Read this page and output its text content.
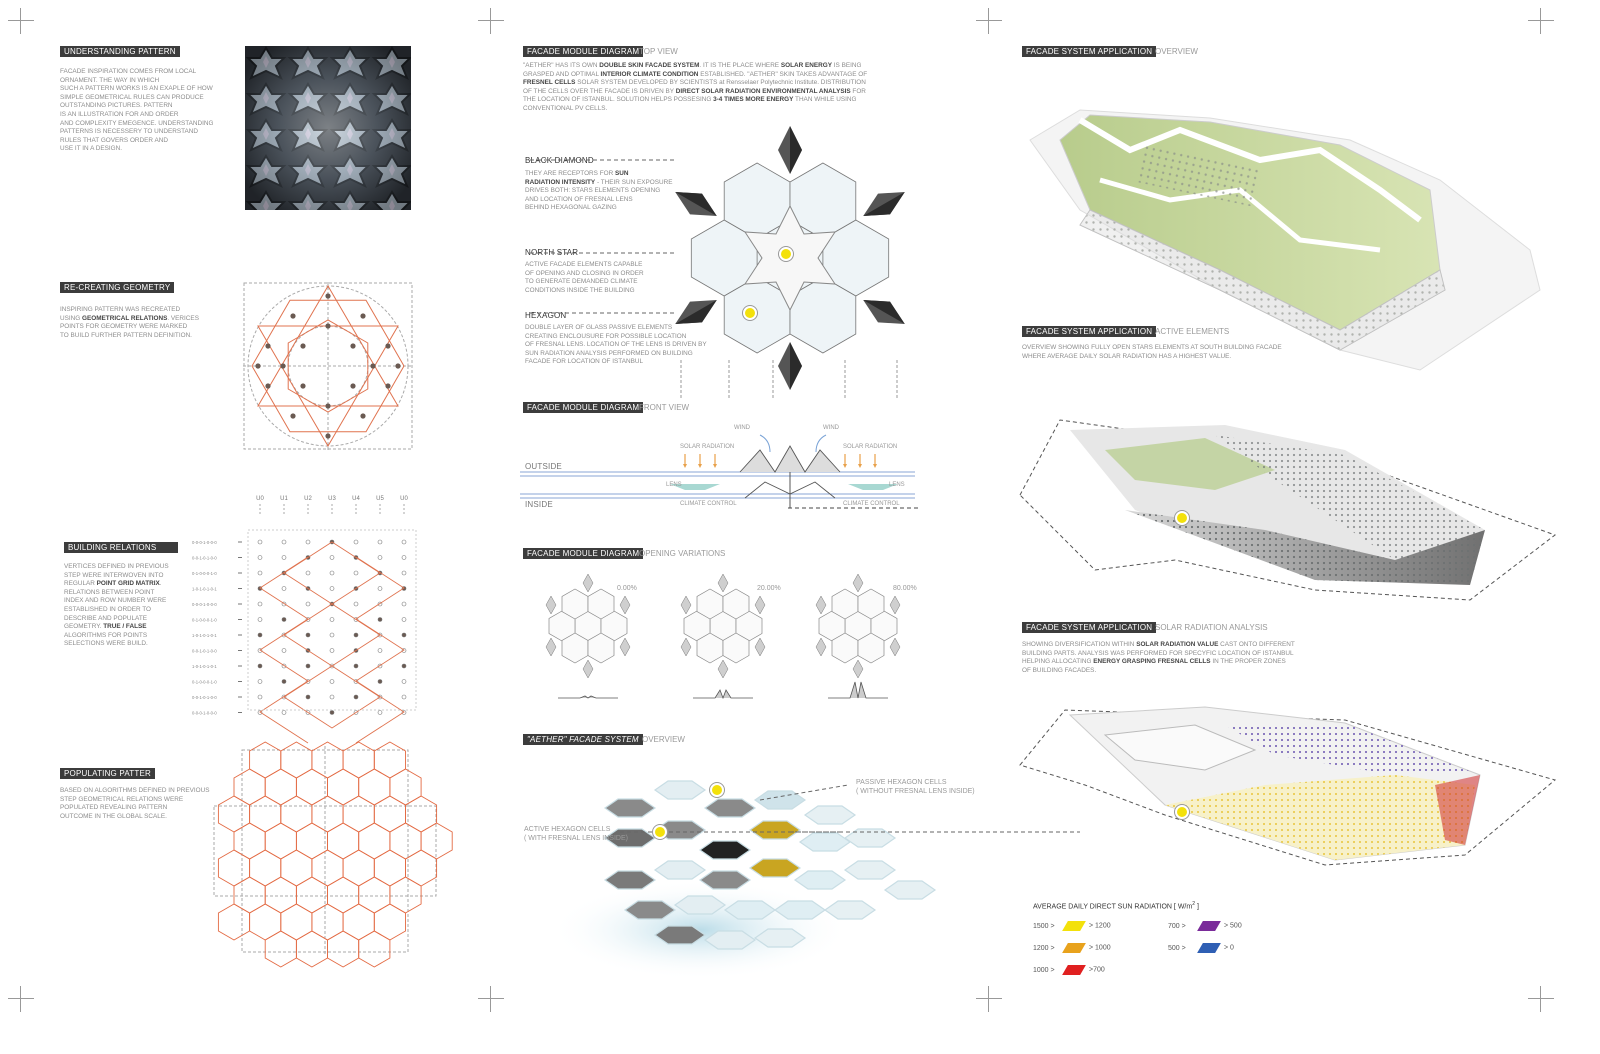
UNDERSTANDING PATTERN
FACADE INSPIRATION COMES FROM LOCAL
ORNAMENT. THE WAY IN WHICH
SUCH A PATTERN WORKS IS AN EXAPLE OF HOW
SIMPLE GEOMETRICAL RULES CAN PRODUCE
OUTSTANDING PICTURES. PATTERN
IS AN ILLUSTRATION FOR AND ORDER
AND COMPLEXITY EMEGENCE. UNDERSTANDING
PATTERNS IS NECESSERY TO UNDERSTAND
RULES THAT GOVERS ORDER AND
USE IT IN A DESIGN.
RE-CREATING GEOMETRY
INSPIRING PATTERN WAS RECREATED
USING GEOMETRICAL RELATIONS. VERICES
POINTS FOR GEOMETRY WERE MARKED
TO BUILD FURTHER PATTERN DEFINITION.
BUILDING RELATIONS
VERTICES DEFINED IN PREVIOUS
STEP WERE INTERWOVEN INTO
REGULAR POINT GRID MATRIX.
RELATIONS BETWEEN POINT
INDEX AND ROW NUMBER WERE
ESTABLISHED IN ORDER TO
DESCRIBE AND POPULATE
GEOMETRY. TRUE / FALSE
ALGORITHMS FOR POINTS
SELECTIONS WERE BUILD.
U0	U1	U2	U3	U4	U5	U0
0-0-0-1-0-0-0
0-0-1-0-1-0-0
0-1-0-0-0-1-0
1-0-1-0-1-0-1
0-0-0-1-0-0-0
0-1-0-0-0-1-0
1-0-1-0-1-0-1
0-0-1-0-1-0-0
1-0-1-0-1-0-1
0-1-0-0-0-1-0
0-0-1-0-1-0-0
0-0-0-1-0-0-0
POPULATING PATTER
BASED ON ALGORITHMS DEFINED IN PREVIOUS
STEP GEOMETRICAL RELATIONS WERE
POPULATED REVEALING PATTERN
OUTCOME IN THE GLOBAL SCALE.
FACADE MODULE DIAGRAM TOP VIEW
"AETHER" HAS ITS OWN DOUBLE SKIN FACADE SYSTEM. IT IS THE PLACE WHERE SOLAR ENERGY IS BEING
GRASPED AND OPTIMAL INTERIOR CLIMATE CONDITION ESTABLISHED. "AETHER" SKIN TAKES ADVANTAGE OF
FRESNEL CELLS SOLAR SYSTEM DEVELOPED BY SCIENTISTS at Rensselaer Polytechnic Institute. DISTRIBUTION
OF THE CELLS OVER THE FACADE IS DRIVEN BY DIRECT SOLAR RADIATION ENVIRONMENTAL ANALYSIS FOR
THE LOCATION OF ISTANBUL. SOLUTION HELPS POSSESING 3-4 TIMES MORE ENERGY THAN WHILE USING
CONVENTIONAL PV CELLS.
BLACK DIAMOND
THEY ARE RECEPTORS FOR SUN
RADIATION INTENSITY - THEIR SUN EXPOSURE
DRIVES BOTH: STARS ELEMENTS OPENING
AND LOCATION OF FRESNAL LENS
BEHIND HEXAGONAL GAZING
NORTH STAR
ACTIVE FACADE ELEMENTS CAPABLE
OF OPENING AND CLOSING IN ORDER
TO GENERATE DEMANDED CLIMATE
CONDITIONS INSIDE THE BUILDING
HEXAGON
DOUBLE LAYER OF GLASS PASSIVE ELEMENTS
CREATING ENCLOUSURE FOR POSSIBLE LOCATION
OF FRESNAL LENS. LOCATION OF THE LENS IS DRIVEN BY
SUN RADIATION ANALYSIS PERFORMED ON BUILDING
FACADE FOR LOCATION OF ISTANBUL
FACADE MODULE DIAGRAM FRONT VIEW
OUTSIDE
INSIDE
SOLAR RADIATION	SOLAR RADIATION
WIND	WIND
LENS	LENS
CLIMATE CONTROL	CLIMATE CONTROL
FACADE MODULE DIAGRAM OPENING VARIATIONS
0.00%	20.00%	80.00%
"AETHER" FACADE SYSTEM OVERVIEW
PASSIVE HEXAGON CELLS
( WITHOUT FRESNAL LENS INSIDE)
ACTIVE HEXAGON CELLS
( WITH FRESNAL LENS INSIDE)
FACADE SYSTEM APPLICATION OVERVIEW
FACADE SYSTEM APPLICATION ACTIVE ELEMENTS
OVERVIEW SHOWING FULLY OPEN STARS ELEMENTS AT SOUTH BUILDING FACADE
WHERE AVERAGE DAILY SOLAR RADIATION HAS A HIGHEST VALUE.
FACADE SYSTEM APPLICATION SOLAR RADIATION ANALYSIS
SHOWING DIVERSIFICATION WITHIN SOLAR RADIATION VALUE CAST ONTO DIFFERENT
BUILDING PARTS. ANALYSIS WAS PERFORMED FOR SPECYFIC LOCATION OF ISTANBUL
HELPING ALLOCATING ENERGY GRASPING FRESNAL CELLS IN THE PROPER ZONES
OF BUILDING FACADES.
AVERAGE DAILY DIRECT SUN RADIATION [ $W/m^2$ ]
1500 >	> 1200	700 >	> 500
1200 >	> 1000	500 >	> 0
1000 >	>700
